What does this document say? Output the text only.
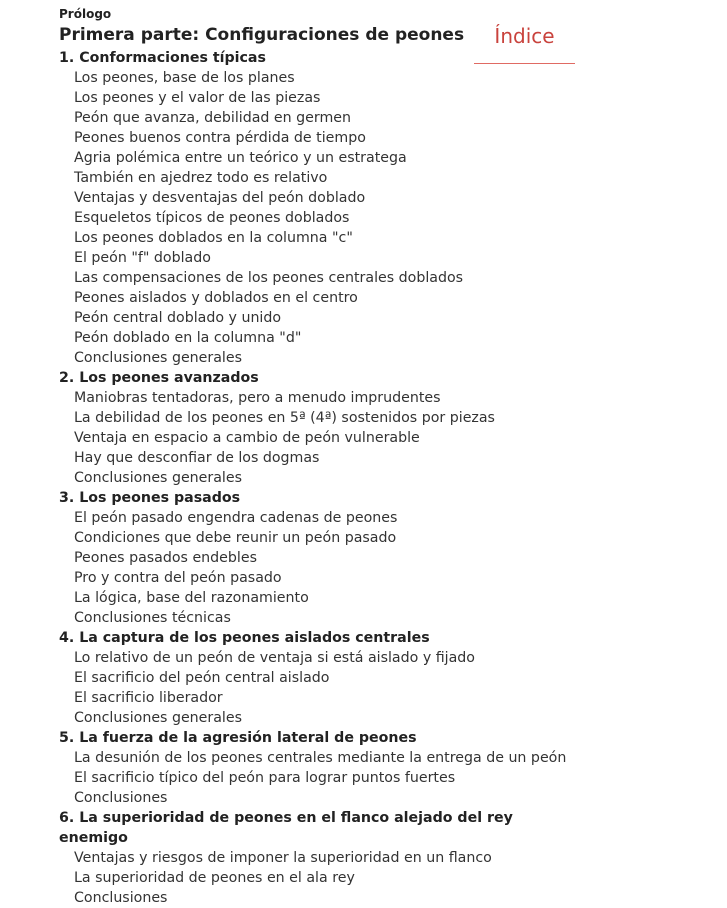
Prólogo
Primera parte: Configuraciones de peones
1. Conformaciones típicas
Los peones, base de los planes
Los peones y el valor de las piezas
Peón que avanza, debilidad en germen
Peones buenos contra pérdida de tiempo
Agria polémica entre un teórico y un estratega
También en ajedrez todo es relativo
Ventajas y desventajas del peón doblado
Esqueletos típicos de peones doblados
Los peones doblados en la columna "c"
El peón "f" doblado
Las compensaciones de los peones centrales doblados
Peones aislados y doblados en el centro
Peón central doblado y unido
Peón doblado en la columna "d"
Conclusiones generales
2. Los peones avanzados
Maniobras tentadoras, pero a menudo imprudentes
La debilidad de los peones en 5ª (4ª) sostenidos por piezas
Ventaja en espacio a cambio de peón vulnerable
Hay que desconfiar de los dogmas
Conclusiones generales
3. Los peones pasados
El peón pasado engendra cadenas de peones
Condiciones que debe reunir un peón pasado
Peones pasados endebles
Pro y contra del peón pasado
La lógica, base del razonamiento
Conclusiones técnicas
4. La captura de los peones aislados centrales
Lo relativo de un peón de ventaja si está aislado y fijado
El sacrificio del peón central aislado
El sacrificio liberador
Conclusiones generales
5. La fuerza de la agresión lateral de peones
La desunión de los peones centrales mediante la entrega de un peón
El sacrificio típico del peón para lograr puntos fuertes
Conclusiones
6. La superioridad de peones en el flanco alejado del rey enemigo
Ventajas y riesgos de imponer la superioridad en un flanco
La superioridad de peones en el ala rey
Conclusiones
Índice
